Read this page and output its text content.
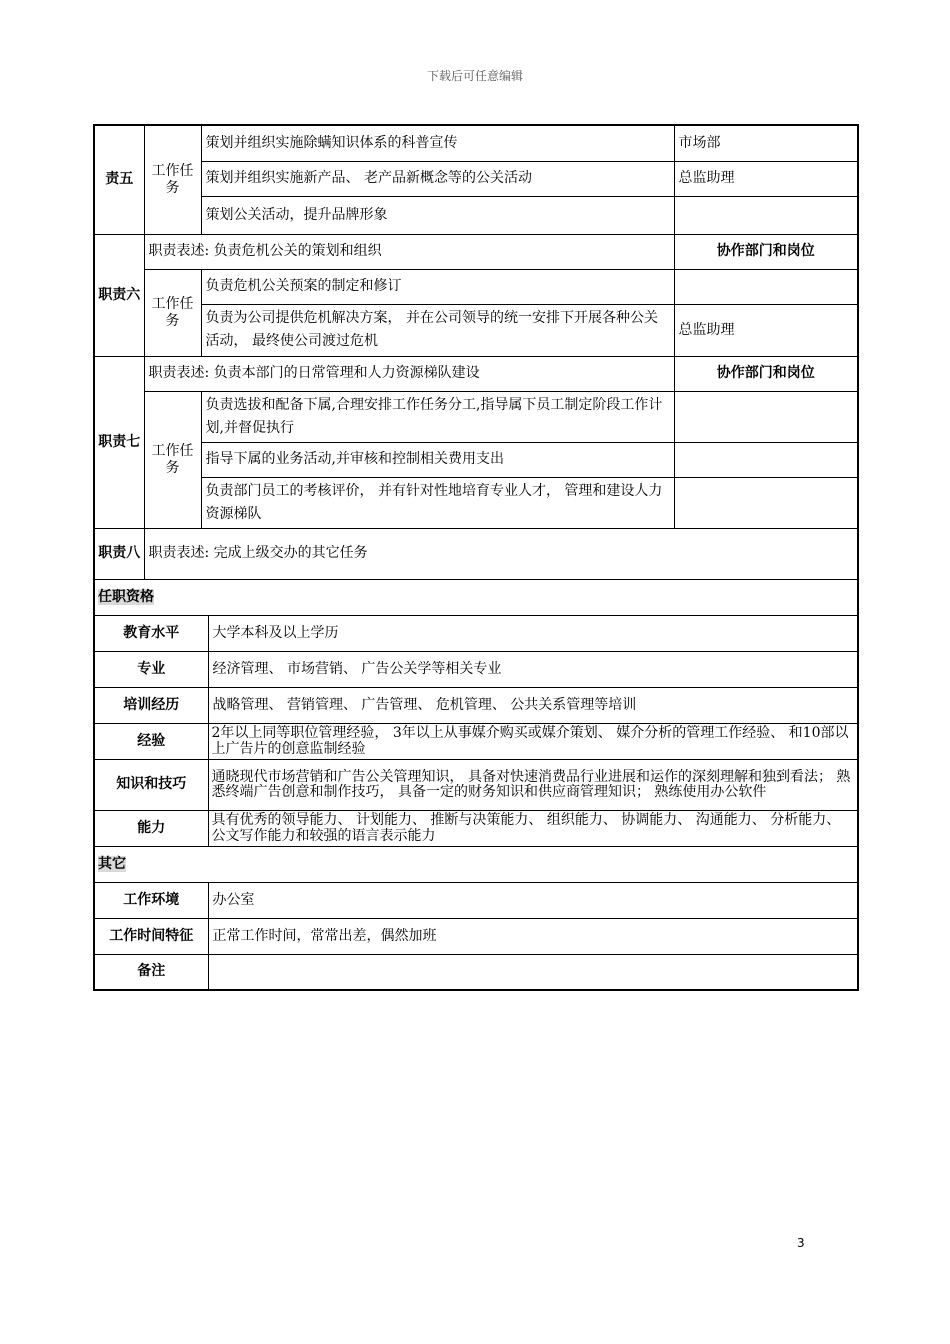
下载后可任意编辑
责五	工作任务	策划并组织实施除螨知识体系的科普宣传		市场部
		策划并组织实施新产品、 老产品新概念等的公关活动		总监助理
		策划公关活动，提升品牌形象		
职责六	职责表述: 负责危机公关的策划和组织			协作部门和岗位
	工作任务	负责危机公关预案的制定和修订		
		负责为公司提供危机解决方案， 并在公司领导的统一安排下开展各种公关活动， 最终使公司渡过危机		总监助理
职责七	职责表述: 负责本部门的日常管理和人力资源梯队建设			协作部门和岗位
	工作任务	负责选拔和配备下属,合理安排工作任务分工,指导属下员工制定阶段工作计划,并督促执行		
		指导下属的业务活动,并审核和控制相关费用支出		
		负责部门员工的考核评价， 并有针对性地培育专业人才， 管理和建设人力资源梯队		
职责八	职责表述: 完成上级交办的其它任务			
任职资格				
教育水平			大学本科及以上学历	
专业			经济管理、 市场营销、 广告公关学等相关专业	
培训经历			战略管理、 营销管理、 广告管理、 危机管理、 公共关系管理等培训	
经验			2年以上同等职位管理经验， 3年以上从事媒介购买或媒介策划、 媒介分析的管理工作经验、 和10部以上广告片的创意监制经验	
知识和技巧			通晓现代市场营销和广告公关管理知识， 具备对快速消费品行业进展和运作的深刻理解和独到看法； 熟悉终端广告创意和制作技巧， 具备一定的财务知识和供应商管理知识； 熟练使用办公软件	
能力			具有优秀的领导能力、 计划能力、 推断与决策能力、 组织能力、 协调能力、 沟通能力、 分析能力、 公文写作能力和较强的语言表示能力	
其它				
工作环境			办公室	
工作时间特征			正常工作时间，常常出差，偶然加班	
备注				
3
